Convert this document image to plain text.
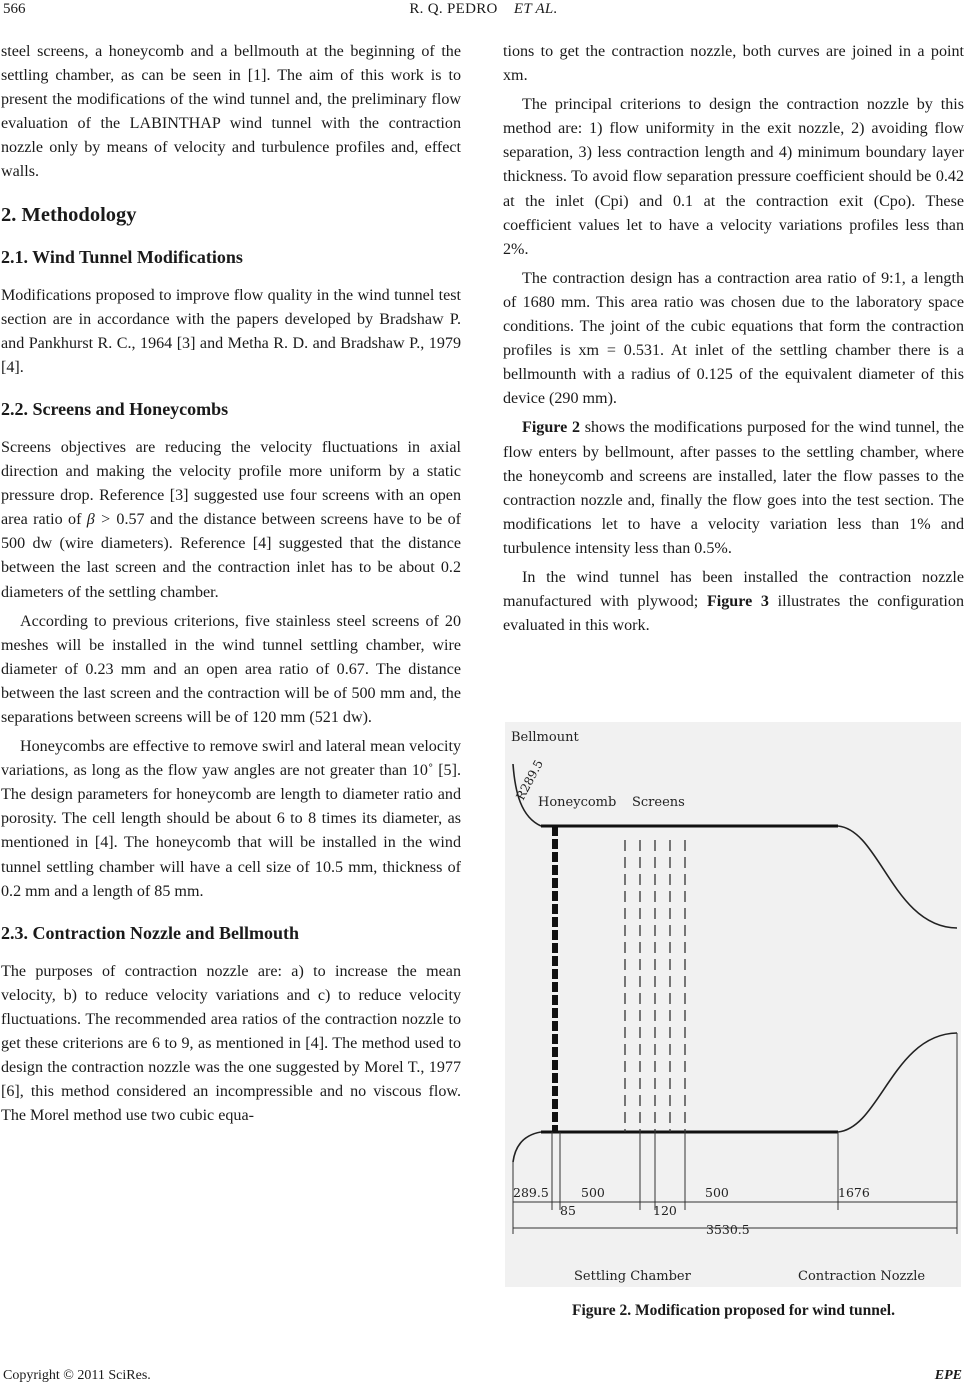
566	R. Q. PEDRO ET AL.

steel screens, a honeycomb and a bellmouth at the beginning of the settling chamber, as can be seen in [1]. The aim of this work is to present the modifications of the wind tunnel and, the preliminary flow evaluation of the LABINTHAP wind tunnel with the contraction nozzle only by means of velocity and turbulence profiles and, effect walls.

2. Methodology
2.1. Wind Tunnel Modifications

Modifications proposed to improve flow quality in the wind tunnel test section are in accordance with the papers developed by Bradshaw P. and Pankhurst R. C., 1964 [3] and Metha R. D. and Bradshaw P., 1979 [4].

2.2. Screens and Honeycombs

Screens objectives are reducing the velocity fluctuations in axial direction and making the velocity profile more uniform by a static pressure drop. Reference [3] suggested use four screens with an open area ratio of β > 0.57 and the distance between screens have to be of 500 dw (wire diameters). Reference [4] suggested that the distance between the last screen and the contraction inlet has to be about 0.2 diameters of the settling chamber.

According to previous criterions, five stainless steel screens of 20 meshes will be installed in the wind tunnel settling chamber, wire diameter of 0.23 mm and an open area ratio of 0.67. The distance between the last screen and the contraction will be of 500 mm and, the separations between screens will be of 120 mm (521 dw).

Honeycombs are effective to remove swirl and lateral mean velocity variations, as long as the flow yaw angles are not greater than 10˚ [5]. The design parameters for honeycomb are length to diameter ratio and porosity. The cell length should be about 6 to 8 times its diameter, as mentioned in [4]. The honeycomb that will be installed in the wind tunnel settling chamber will have a cell size of 10.5 mm, thickness of 0.2 mm and a length of 85 mm.

2.3. Contraction Nozzle and Bellmouth

The purposes of contraction nozzle are: a) to increase the mean velocity, b) to reduce velocity variations and c) to reduce velocity fluctuations. The recommended area ratios of the contraction nozzle to get these criterions are 6 to 9, as mentioned in [4]. The method used to design the contraction nozzle was the one suggested by Morel T., 1977 [6], this method considered an incompressible and no viscous flow. The Morel method use two cubic equa-

tions to get the contraction nozzle, both curves are joined in a point xm.

The principal criterions to design the contraction nozzle by this method are: 1) flow uniformity in the exit nozzle, 2) avoiding flow separation, 3) less contraction length and 4) minimum boundary layer thickness. To avoid flow separation pressure coefficient should be 0.42 at the inlet (Cpi) and 0.1 at the contraction exit (Cpo). These coefficient values let to have a velocity variations profiles less than 2%.

The contraction design has a contraction area ratio of 9:1, a length of 1680 mm. This area ratio was chosen due to the laboratory space conditions. The joint of the cubic equations that form the contraction profiles is xm = 0.531. At inlet of the settling chamber there is a bellmounth with a radius of 0.125 of the equivalent diameter of this device (290 mm).

Figure 2 shows the modifications purposed for the wind tunnel, the flow enters by bellmount, after passes to the settling chamber, where the honeycomb and screens are installed, later the flow passes to the contraction nozzle and, finally the flow goes into the test section. The modifications let to have a velocity variation less than 1% and turbulence intensity less than 0.5%.

In the wind tunnel has been installed the contraction nozzle manufactured with plywood; Figure 3 illustrates the configuration evaluated in this work.

Bellmount
R289.5
Honeycomb Screens
289.5	500	500	1676
85	120
3530.5
Settling Chamber	Contraction Nozzle
Figure 2. Modification proposed for wind tunnel.
Copyright © 2011 SciRes.	EPE
